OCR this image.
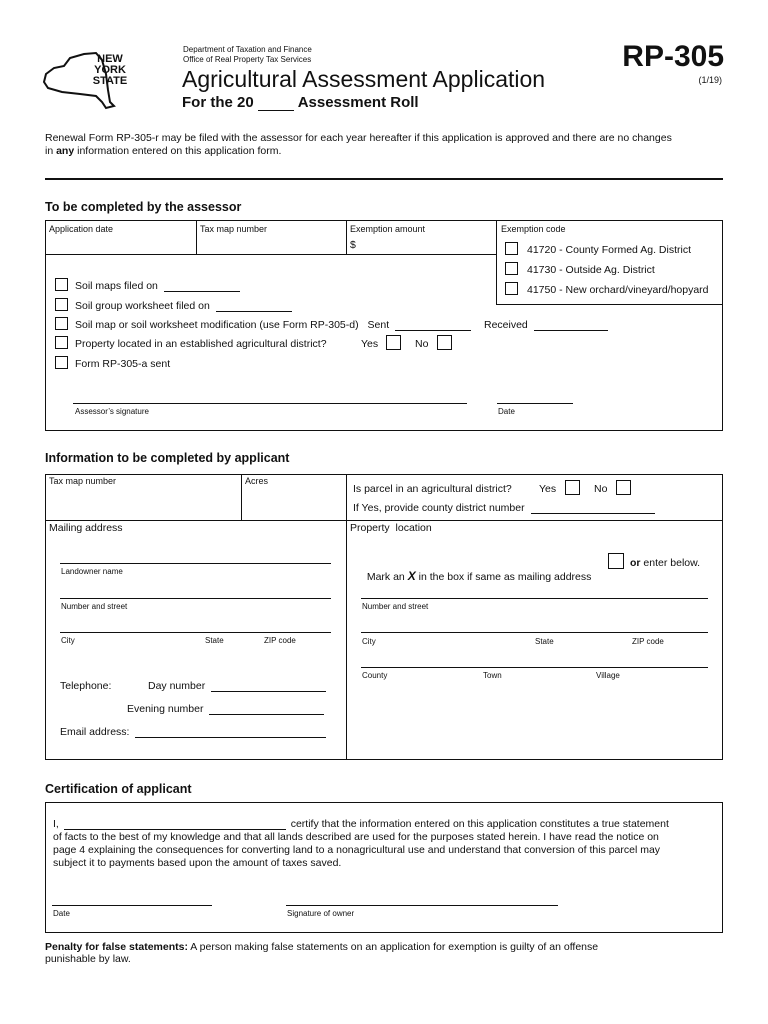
NEW
YORK
STATE
Department of Taxation and Finance
Office of Real Property Tax Services
Agricultural Assessment Application
For the 20	Assessment Roll
RP-305
(1/19)
Renewal Form RP-305-r may be filed with the assessor for each year hereafter if this application is approved and there are no changes
in any information entered on this application form.
To be completed by the assessor
Application date	Tax map number	Exemption amount
$
Exemption code
41720 - County Formed Ag. District
41730 - Outside Ag. District
41750 - New orchard/vineyard/hopyard
Soil maps filed on
Soil group worksheet filed on
Soil map or soil worksheet modification (use Form RP-305-d) Sent	Received
Property located in an established agricultural district?	Yes	No
Form RP-305-a sent
Assessor’s signature	Date
Information to be completed by applicant
Tax map number	Acres
Is parcel in an agricultural district?	Yes	No
If Yes, provide county district number
Mailing address
Landowner name
Number and street
City	State	ZIP code
Telephone:	Day number
Evening number
Email address:
Property  location

Mark an X in the box if same as mailing address

or enter below.
Number and street
City	State	ZIP code
County	Town	Village
Certification of applicant
I,	certify that the information entered on this application constitutes a true statement
of facts to the best of my knowledge and that all lands described are used for the purposes stated herein. I have read the notice on
page 4 explaining the consequences for converting land to a nonagricultural use and understand that conversion of this parcel may
subject it to payments based upon the amount of taxes saved.
Date	Signature of owner
Penalty for false statements: A person making false statements on an application for exemption is guilty of an offense
punishable by law.
